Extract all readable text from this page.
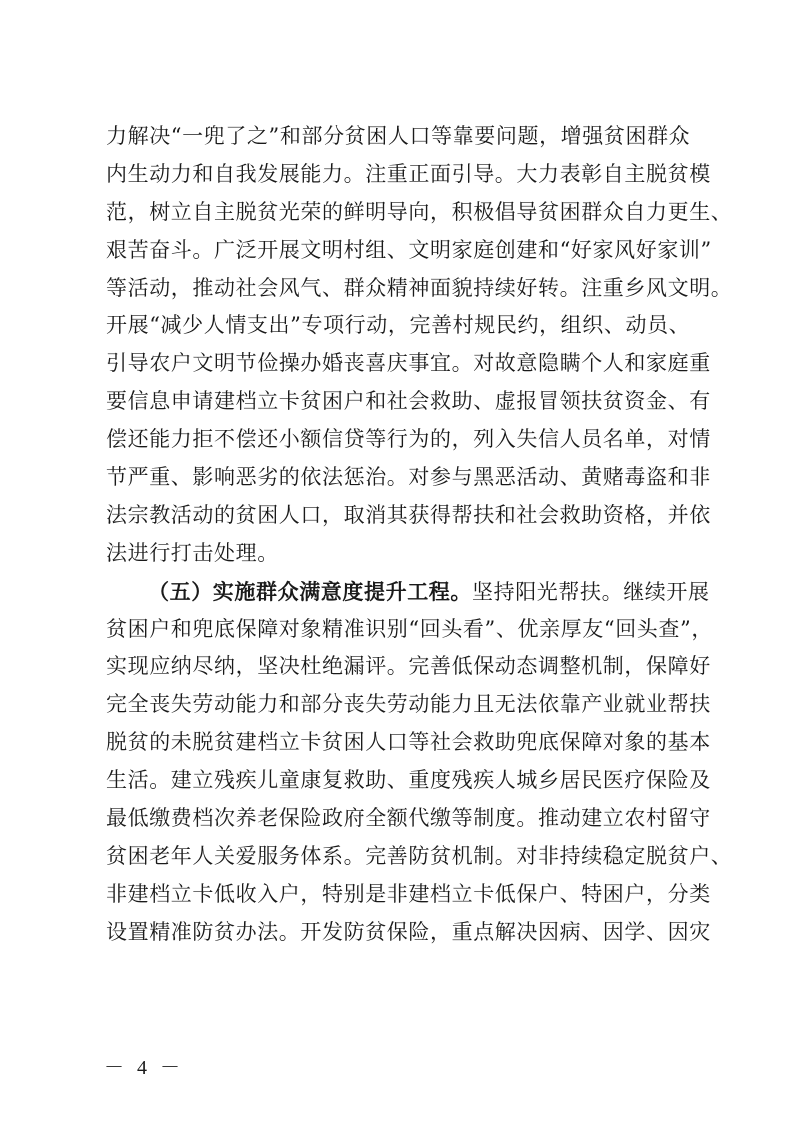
力解决“一兜了之”和部分贫困人口等靠要问题，增强贫困群众
内生动力和自我发展能力。注重正面引导。大力表彰自主脱贫模
范，树立自主脱贫光荣的鲜明导向，积极倡导贫困群众自力更生、
艰苦奋斗。广泛开展文明村组、文明家庭创建和“好家风好家训”
等活动，推动社会风气、群众精神面貌持续好转。注重乡风文明。
开展“减少人情支出”专项行动，完善村规民约，组织、动员、
引导农户文明节俭操办婚丧喜庆事宜。对故意隐瞒个人和家庭重
要信息申请建档立卡贫困户和社会救助、虚报冒领扶贫资金、有
偿还能力拒不偿还小额信贷等行为的，列入失信人员名单，对情
节严重、影响恶劣的依法惩治。对参与黑恶活动、黄赌毒盗和非
法宗教活动的贫困人口，取消其获得帮扶和社会救助资格，并依
法进行打击处理。
（五）实施群众满意度提升工程。坚持阳光帮扶。继续开展
贫困户和兜底保障对象精准识别“回头看”、优亲厚友“回头查”，
实现应纳尽纳，坚决杜绝漏评。完善低保动态调整机制，保障好
完全丧失劳动能力和部分丧失劳动能力且无法依靠产业就业帮扶
脱贫的未脱贫建档立卡贫困人口等社会救助兜底保障对象的基本
生活。建立残疾儿童康复救助、重度残疾人城乡居民医疗保险及
最低缴费档次养老保险政府全额代缴等制度。推动建立农村留守
贫困老年人关爱服务体系。完善防贫机制。对非持续稳定脱贫户、
非建档立卡低收入户，特别是非建档立卡低保户、特困户，分类
设置精准防贫办法。开发防贫保险，重点解决因病、因学、因灾
－ 4 －
